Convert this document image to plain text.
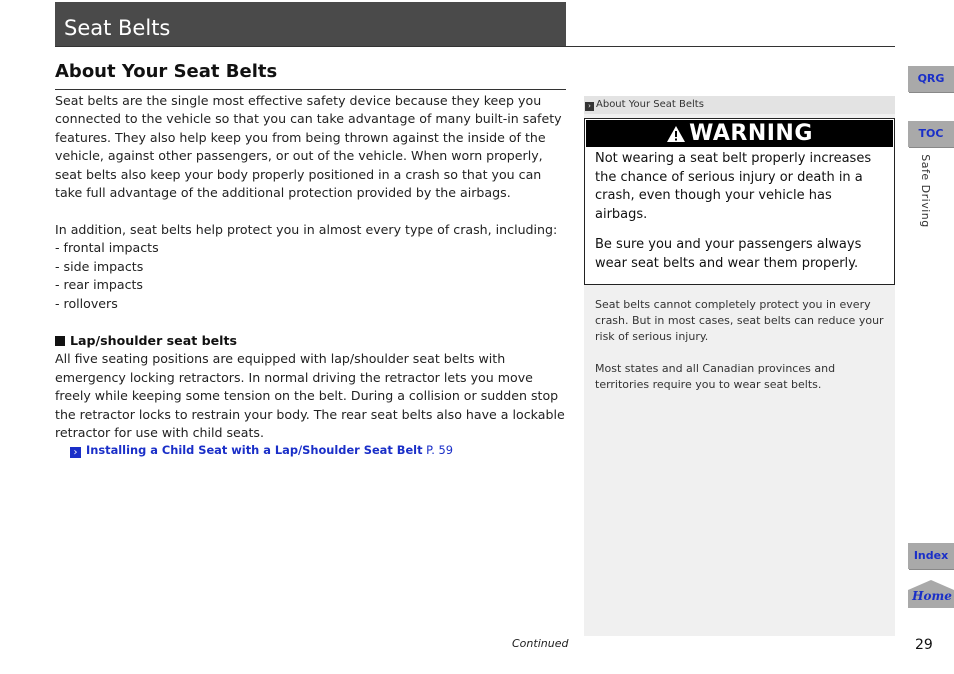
Seat Belts
About Your Seat Belts

Seat belts are the single most effective safety device because they keep you connected to the vehicle so that you can take advantage of many built-in safety features. They also help keep you from being thrown against the inside of the vehicle, against other passengers, or out of the vehicle. When worn properly, seat belts also keep your body properly positioned in a crash so that you can take full advantage of the additional protection provided by the airbags.

In addition, seat belts help protect you in almost every type of crash, including:

- frontal impacts

- side impacts

- rear impacts

- rollovers

Lap/shoulder seat belts

All five seating positions are equipped with lap/shoulder seat belts with emergency locking retractors. In normal driving the retractor lets you move freely while keeping some tension on the belt. During a collision or sudden stop the retractor locks to restrain your body. The rear seat belts also have a lockable retractor for use with child seats.

› Installing a Child Seat with a Lap/Shoulder Seat Belt P. 59
› About Your Seat Belts
WARNING

Not wearing a seat belt properly increases the chance of serious injury or death in a crash, even though your vehicle has airbags.

Be sure you and your passengers always wear seat belts and wear them properly.

Seat belts cannot completely protect you in every crash. But in most cases, seat belts can reduce your risk of serious injury.

Most states and all Canadian provinces and territories require you to wear seat belts.

QRG
TOC
Safe Driving
Index
Home
Continued	29
